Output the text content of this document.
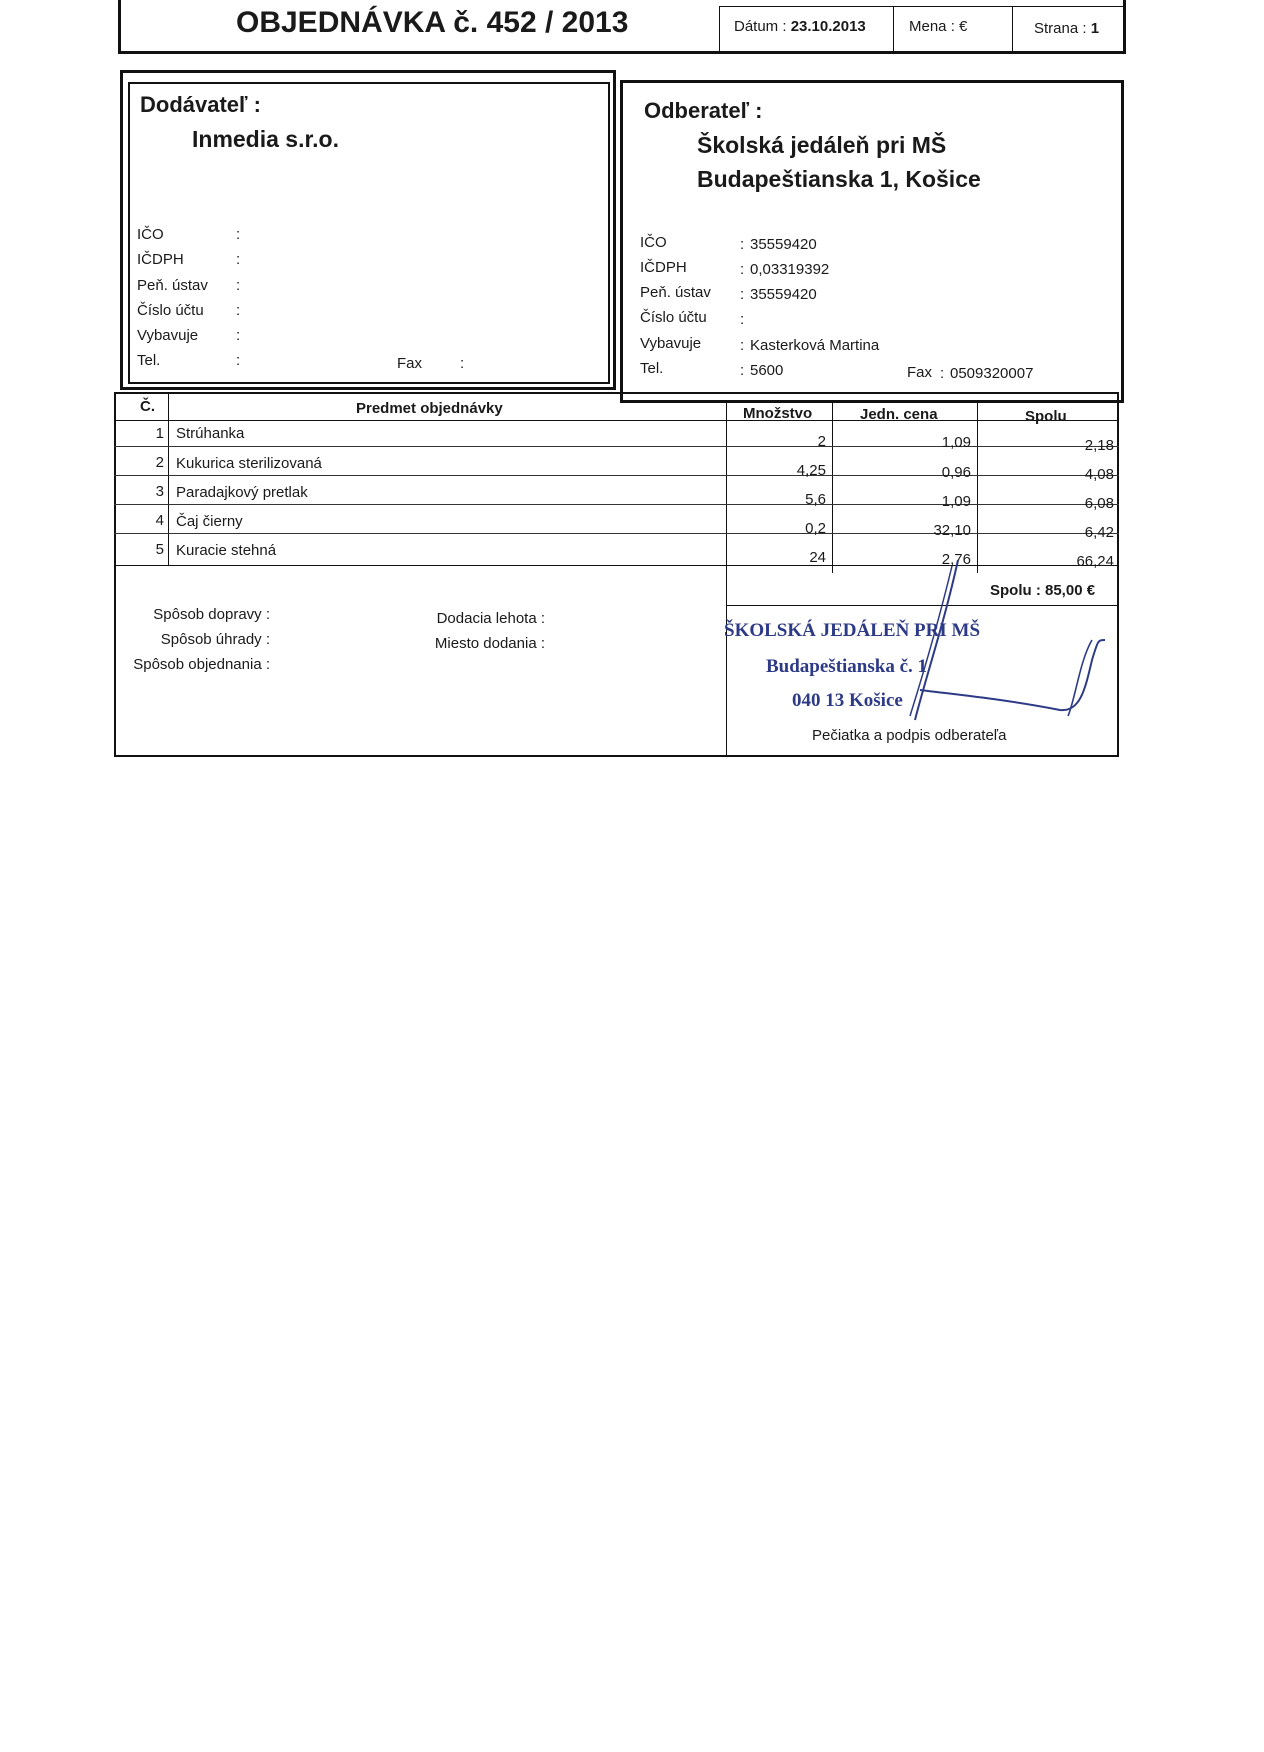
OBJEDNÁVKA č. 452 / 2013	Dátum : 23.10.2013	Mena : €	Strana : 1
Dodávateľ :
Inmedia s.r.o.
IČO	:
IČDPH	:
Peň. ústav :
Číslo účtu :
Vybavuje	:
Tel.	:	Fax	:
Odberateľ :
Školská jedáleň pri MŠ
Budapeštianska 1, Košice
IČO	: 35559420
IČDPH	: 0,03319392
Peň. ústav : 35559420
Číslo účtu :
Vybavuje	: Kasterková Martina
Tel.	: 5600	Fax : 0509320007
Č.	Predmet objednávky	Množstvo	Jedn. cena	Spolu
1 Strúhanka	2	1,09	2,18
2 Kukurica sterilizovaná	4,25	0,96	4,08
3 Paradajkový pretlak	5,6	1,09	6,08
4 Čaj čierny	0,2	32,10	6,42
5 Kuracie stehná	24	2,76	66,24
Spolu : 85,00 €
Spôsob dopravy :
Spôsob úhrady :
Spôsob objednania :
Dodacia lehota :
Miesto dodania :
ŠKOLSKÁ JEDÁLEŇ PRI MŠ
Budapeštianska č. 1
040 13 Košice
Pečiatka a podpis odberateľa
